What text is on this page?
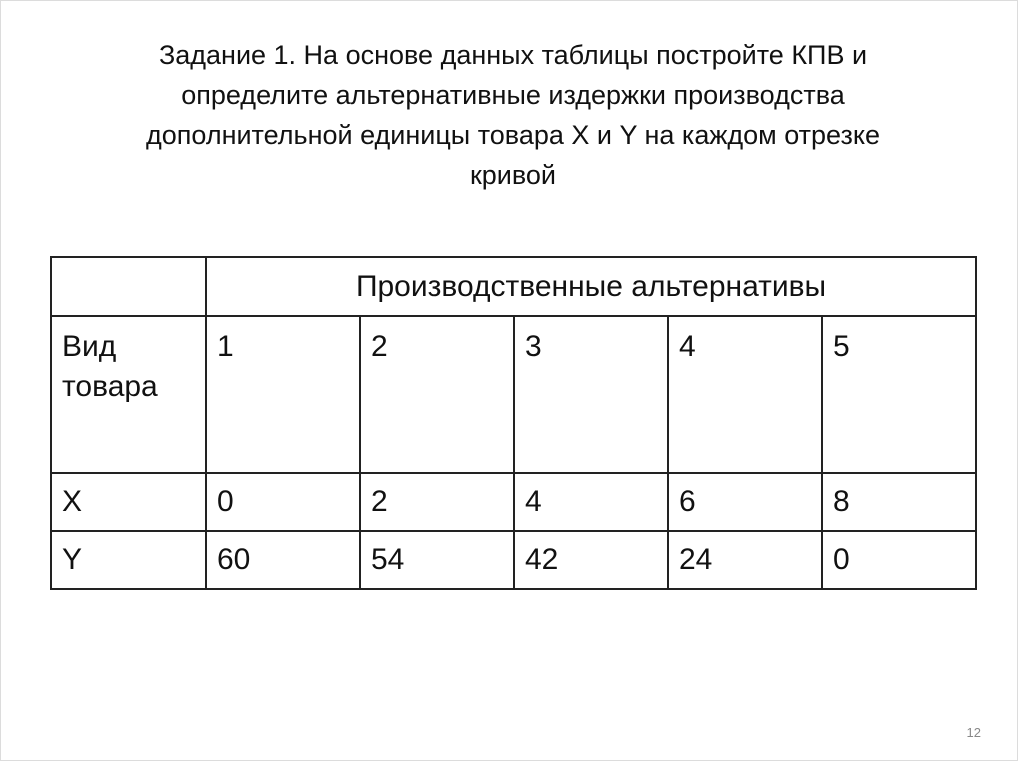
Задание 1. На основе данных таблицы постройте КПВ и
определите альтернативные издержки производства
дополнительной единицы товара X и Y на каждом отрезке
кривой
	Производственные альтернативы				
Вид товара	1	2	3	4	5
X	0	2	4	6	8
Y	60	54	42	24	0
12
